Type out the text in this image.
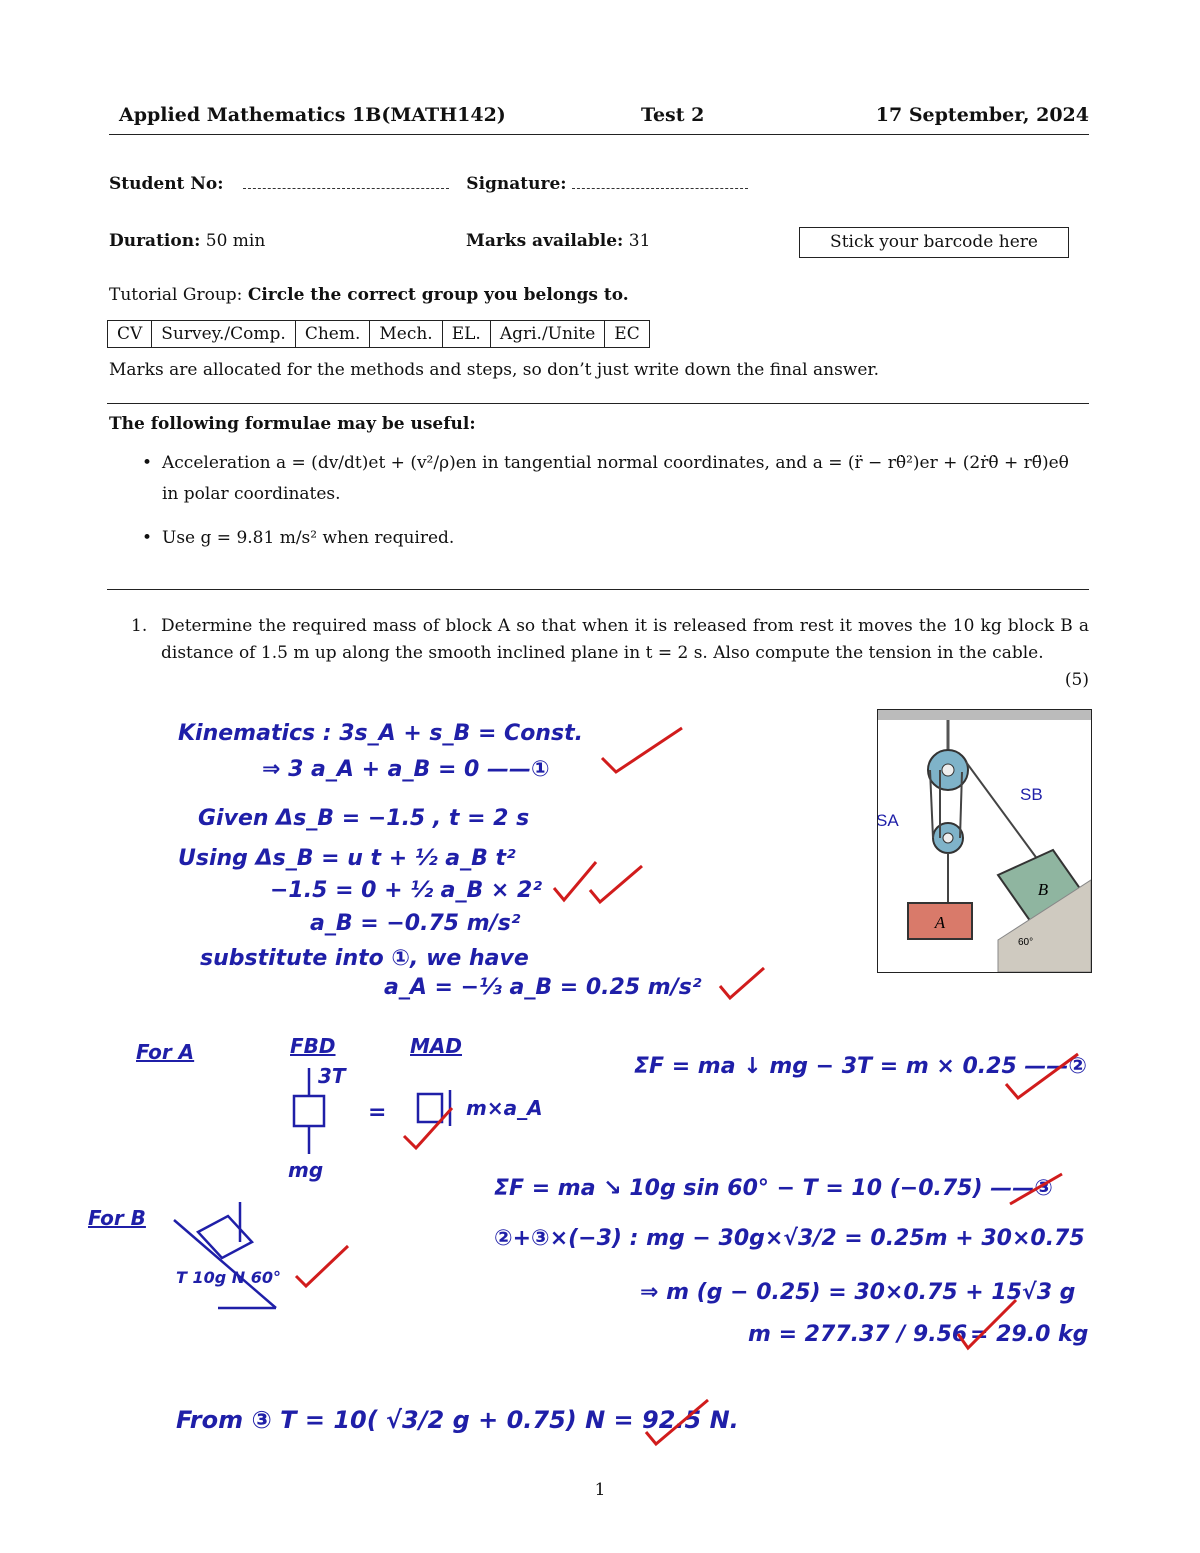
Applied Mathematics 1B(MATH142)	Test 2	17 September, 2024
Student No:	Signature:
Duration: 50 min	Marks available: 31	Stick your barcode here
Tutorial Group: Circle the correct group you belongs to.
CV	Survey./Comp.	Chem.	Mech.	EL.	Agri./Unite	EC
Marks are allocated for the methods and steps, so don’t just write down the final answer.
The following formulae may be useful:
• Acceleration a = (dv/dt)et + (v²/ρ)en in tangential normal coordinates, and a = (r̈ − rθ̇²)er + (2ṙθ̇ + rθ̈)eθ in polar coordinates.
• Use g = 9.81 m/s² when required.
1. Determine the required mass of block A so that when it is released from rest it moves the 10 kg block B a distance of 1.5 m up along the smooth inclined plane in t = 2 s. Also compute the tension in the cable.
(5)
A
B
60°
SA
SB
Kinematics : 3s_A + s_B = Const.
⇒ 3 a_A + a_B = 0 ——①
Given Δs_B = −1.5 , t = 2 s
Using Δs_B = u t + ½ a_B t²
−1.5 = 0 + ½ a_B × 2²
a_B = −0.75 m/s²
substitute into ①, we have
a_A = −⅓ a_B = 0.25 m/s²
For A	FBD	MAD
3T
mg
=	m×a_A
ΣF = ma ↓ mg − 3T = m × 0.25 ——②
For B
T 10g N 60°
ΣF = ma ↘ 10g sin 60° − T = 10 (−0.75) ——③
②+③×(−3) : mg − 30g×√3/2 = 0.25m + 30×0.75
⇒ m (g − 0.25) = 30×0.75 + 15√3 g
m = 277.37 / 9.56 = 29.0 kg
From ③ T = 10( √3/2 g + 0.75) N = 92.5 N.
1
